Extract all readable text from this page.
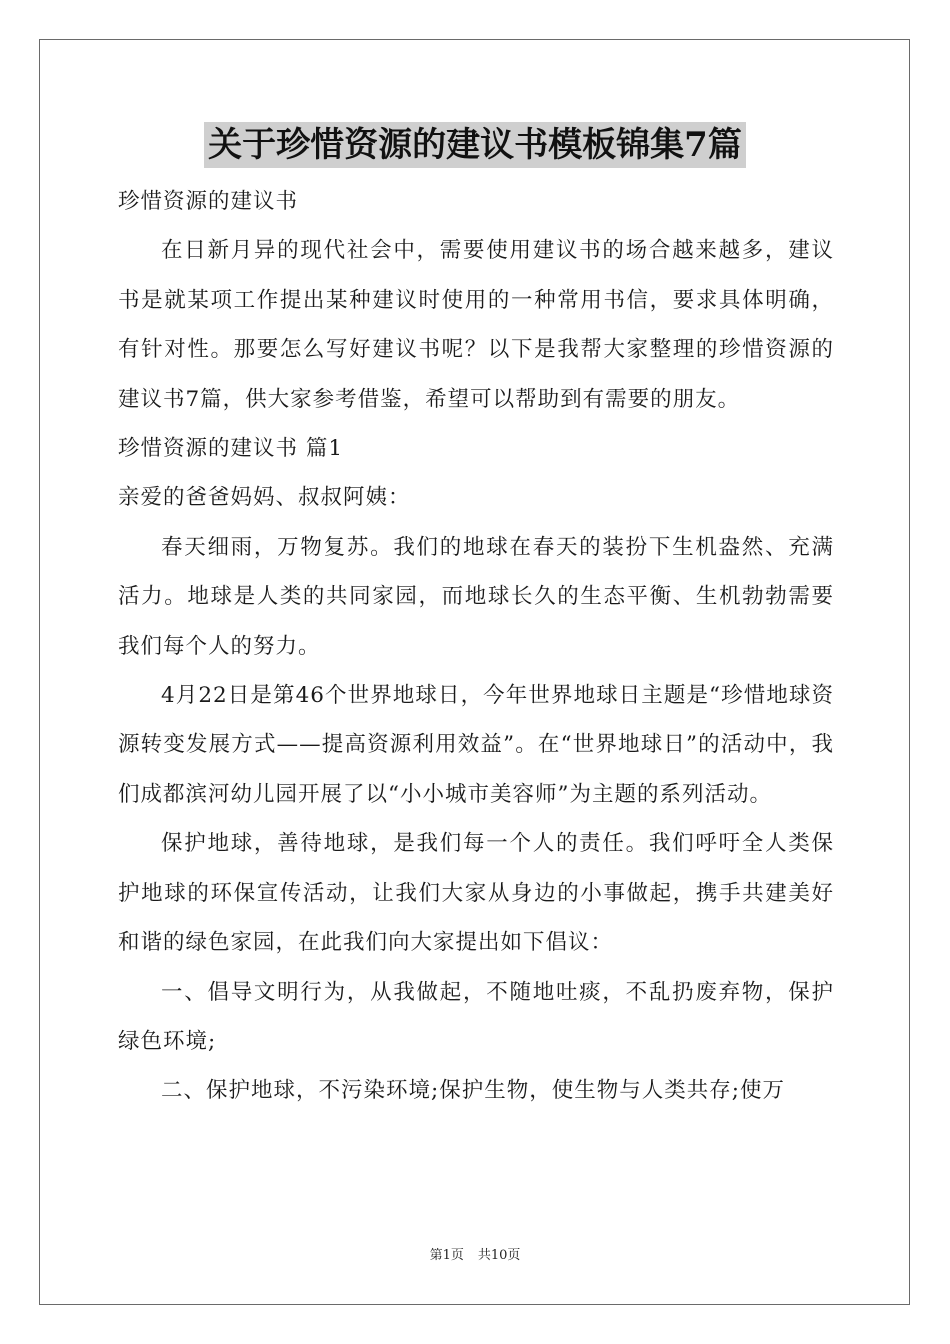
关于珍惜资源的建议书模板锦集7篇

珍惜资源的建议书

在日新月异的现代社会中，需要使用建议书的场合越来越多，建议书是就某项工作提出某种建议时使用的一种常用书信，要求具体明确，有针对性。那要怎么写好建议书呢？以下是我帮大家整理的珍惜资源的建议书7篇，供大家参考借鉴，希望可以帮助到有需要的朋友。

珍惜资源的建议书 篇1

亲爱的爸爸妈妈、叔叔阿姨：

春天细雨，万物复苏。我们的地球在春天的装扮下生机盎然、充满活力。地球是人类的共同家园，而地球长久的生态平衡、生机勃勃需要我们每个人的努力。

4月22日是第46个世界地球日，今年世界地球日主题是“珍惜地球资源转变发展方式——提高资源利用效益”。在“世界地球日”的活动中，我们成都滨河幼儿园开展了以“小小城市美容师”为主题的系列活动。

保护地球，善待地球，是我们每一个人的责任。我们呼吁全人类保护地球的环保宣传活动，让我们大家从身边的小事做起，携手共建美好和谐的绿色家园，在此我们向大家提出如下倡议：

一、倡导文明行为，从我做起，不随地吐痰，不乱扔废弃物，保护绿色环境;

二、保护地球，不污染环境;保护生物，使生物与人类共存;使万

第1页 共10页
